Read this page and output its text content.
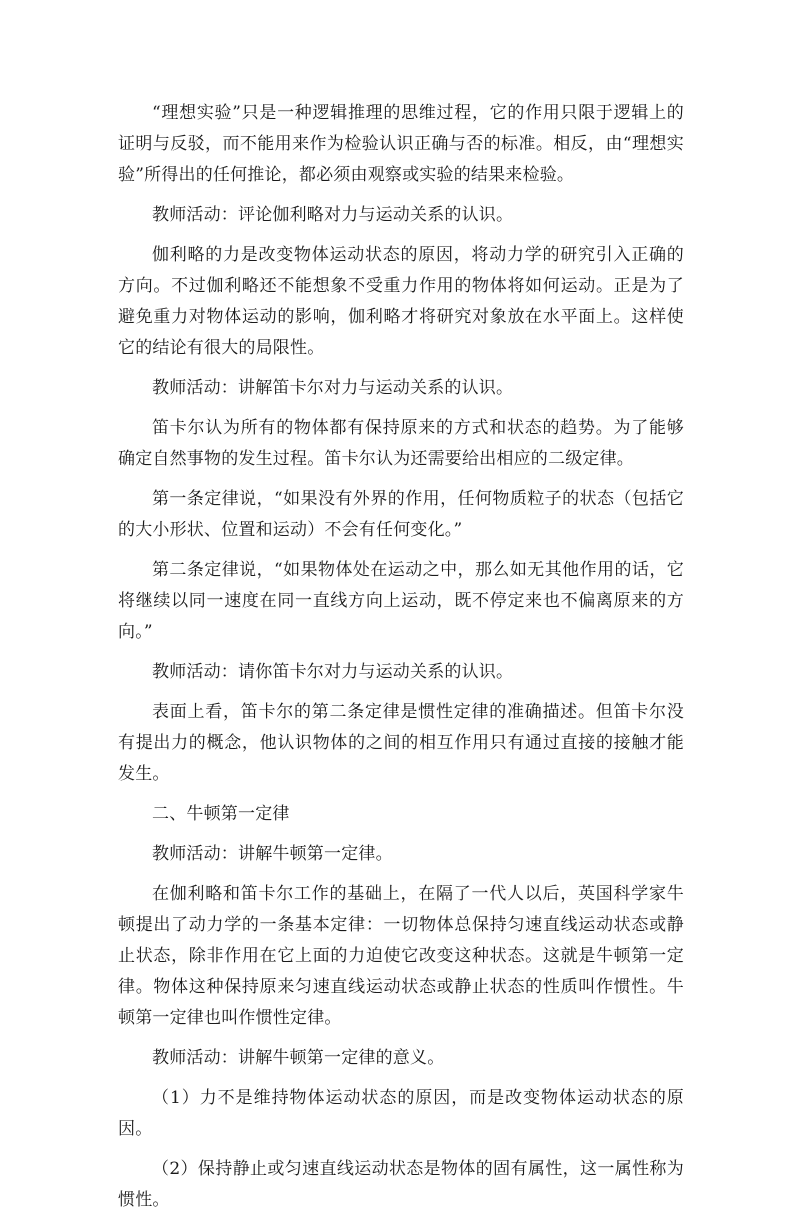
“理想实验”只是一种逻辑推理的思维过程，它的作用只限于逻辑上的证明与反驳，而不能用来作为检验认识正确与否的标准。相反，由“理想实验”所得出的任何推论，都必须由观察或实验的结果来检验。

教师活动：评论伽利略对力与运动关系的认识。

伽利略的力是改变物体运动状态的原因，将动力学的研究引入正确的方向。不过伽利略还不能想象不受重力作用的物体将如何运动。正是为了避免重力对物体运动的影响，伽利略才将研究对象放在水平面上。这样使它的结论有很大的局限性。

教师活动：讲解笛卡尔对力与运动关系的认识。

笛卡尔认为所有的物体都有保持原来的方式和状态的趋势。为了能够确定自然事物的发生过程。笛卡尔认为还需要给出相应的二级定律。

第一条定律说，“如果没有外界的作用，任何物质粒子的状态（包括它的大小形状、位置和运动）不会有任何变化。”

第二条定律说，“如果物体处在运动之中，那么如无其他作用的话，它将继续以同一速度在同一直线方向上运动，既不停定来也不偏离原来的方向。”

教师活动：请你笛卡尔对力与运动关系的认识。

表面上看，笛卡尔的第二条定律是惯性定律的准确描述。但笛卡尔没有提出力的概念，他认识物体的之间的相互作用只有通过直接的接触才能发生。

二、牛顿第一定律

教师活动：讲解牛顿第一定律。

在伽利略和笛卡尔工作的基础上，在隔了一代人以后，英国科学家牛顿提出了动力学的一条基本定律：一切物体总保持匀速直线运动状态或静止状态，除非作用在它上面的力迫使它改变这种状态。这就是牛顿第一定律。物体这种保持原来匀速直线运动状态或静止状态的性质叫作惯性。牛顿第一定律也叫作惯性定律。

教师活动：讲解牛顿第一定律的意义。

（1）力不是维持物体运动状态的原因，而是改变物体运动状态的原因。

（2）保持静止或匀速直线运动状态是物体的固有属性，这一属性称为惯性。
